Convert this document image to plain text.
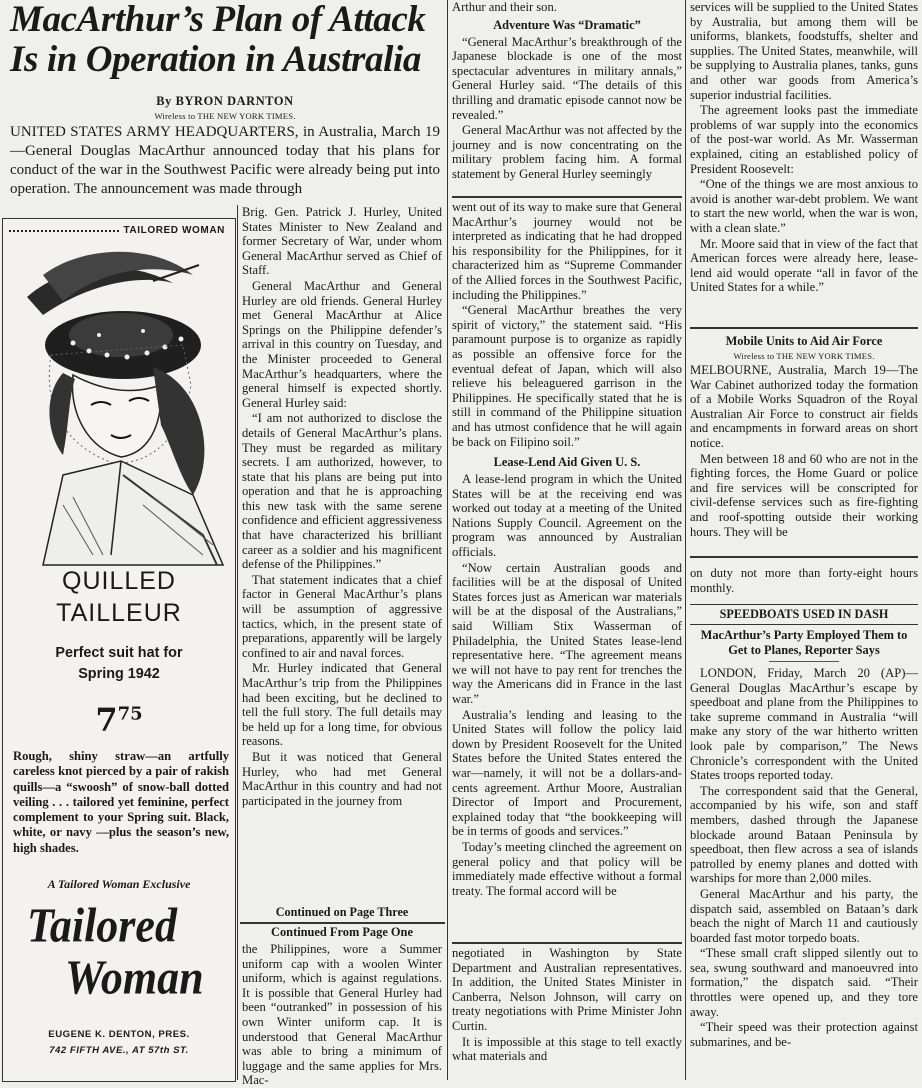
MacArthur’s Plan of Attack Is in Operation in Australia
By BYRON DARNTON
Wireless to THE NEW YORK TIMES.

UNITED STATES ARMY HEADQUARTERS, in Australia, March 19—General Douglas MacArthur announced today that his plans for conduct of the war in the Southwest Pacific were already being put into operation. The announcement was made through

TAILORED WOMAN
QUILLED
TAILLEUR
Perfect suit hat for
Spring 1942
$7^{75}$
Rough, shiny straw—an artfully careless knot pierced by a pair of rakish quills—a “swoosh” of snow-ball dotted veiling . . . tailored yet feminine, perfect complement to your Spring suit. Black, white, or navy —plus the season’s new, high shades.
A Tailored Woman Exclusive
Tailored
Woman
EUGENE K. DENTON, PRES.
742 FIFTH AVE., AT 57th ST.

Brig. Gen. Patrick J. Hurley, United States Minister to New Zealand and former Secretary of War, under whom General MacArthur served as Chief of Staff.

General MacArthur and General Hurley are old friends. General Hurley met General MacArthur at Alice Springs on the Philippine defender’s arrival in this country on Tuesday, and the Minister proceeded to General MacArthur’s headquarters, where the general himself is expected shortly. General Hurley said:

“I am not authorized to disclose the details of General MacArthur’s plans. They must be regarded as military secrets. I am authorized, however, to state that his plans are being put into operation and that he is approaching this new task with the same serene confidence and efficient aggressiveness that have characterized his brilliant career as a soldier and his magnificent defense of the Philippines.”

That statement indicates that a chief factor in General MacArthur’s plans will be assumption of aggressive tactics, which, in the present state of preparations, apparently will be largely confined to air and naval forces.

Mr. Hurley indicated that General MacArthur’s trip from the Philippines had been exciting, but he declined to tell the full story. The full details may be held up for a long time, for obvious reasons.

But it was noticed that General Hurley, who had met General MacArthur in this country and had not participated in the journey from

Continued on Page Three
Continued From Page One

the Philippines, wore a Summer uniform cap with a woolen Winter uniform, which is against regulations. It is possible that General Hurley had been “outranked” in possession of his own Winter uniform cap. It is understood that General MacArthur was able to bring a minimum of luggage and the same applies for Mrs. Mac-

Arthur and their son.

Adventure Was “Dramatic”

“General MacArthur’s breakthrough of the Japanese blockade is one of the most spectacular adventures in military annals,” General Hurley said. “The details of this thrilling and dramatic episode cannot now be revealed.”

General MacArthur was not affected by the journey and is now concentrating on the military problem facing him. A formal statement by General Hurley seemingly

went out of its way to make sure that General MacArthur’s journey would not be interpreted as indicating that he had dropped his responsibility for the Philippines, for it characterized him as “Supreme Commander of the Allied forces in the Southwest Pacific, including the Philippines.”

“General MacArthur breathes the very spirit of victory,” the statement said. “His paramount purpose is to organize as rapidly as possible an offensive force for the eventual defeat of Japan, which will also relieve his beleaguered garrison in the Philippines. He specifically stated that he is still in command of the Philippine situation and has utmost confidence that he will again be back on Filipino soil.”

Lease-Lend Aid Given U. S.

A lease-lend program in which the United States will be at the receiving end was worked out today at a meeting of the United Nations Supply Council. Agreement on the program was announced by Australian officials.

“Now certain Australian goods and facilities will be at the disposal of United States forces just as American war materials will be at the disposal of the Australians,” said William Stix Wasserman of Philadelphia, the United States lease-lend representative here. “The agreement means we will not have to pay rent for trenches the way the Americans did in France in the last war.”

Australia’s lending and leasing to the United States will follow the policy laid down by President Roosevelt for the United States before the United States entered the war—namely, it will not be a dollars-and-cents agreement. Arthur Moore, Australian Director of Import and Procurement, explained today that “the bookkeeping will be in terms of goods and services.”

Today’s meeting clinched the agreement on general policy and that policy will be immediately made effective without a formal treaty. The formal accord will be

negotiated in Washington by State Department and Australian representatives. In addition, the United States Minister in Canberra, Nelson Johnson, will carry on treaty negotiations with Prime Minister John Curtin.

It is impossible at this stage to tell exactly what materials and

services will be supplied to the United States by Australia, but among them will be uniforms, blankets, foodstuffs, shelter and supplies. The United States, meanwhile, will be supplying to Australia planes, tanks, guns and other war goods from America’s superior industrial facilities.

The agreement looks past the immediate problems of war supply into the economics of the post-war world. As Mr. Wasserman explained, citing an established policy of President Roosevelt:

“One of the things we are most anxious to avoid is another war-debt problem. We want to start the new world, when the war is won, with a clean slate.”

Mr. Moore said that in view of the fact that American forces were already here, lease-lend aid would operate “all in favor of the United States for a while.”

Mobile Units to Aid Air Force
Wireless to THE NEW YORK TIMES.

MELBOURNE, Australia, March 19—The War Cabinet authorized today the formation of a Mobile Works Squadron of the Royal Australian Air Force to construct air fields and encampments in forward areas on short notice.

Men between 18 and 60 who are not in the fighting forces, the Home Guard or police and fire services will be conscripted for civil-defense services such as fire-fighting and roof-spotting outside their working hours. They will be

on duty not more than forty-eight hours monthly.

SPEEDBOATS USED IN DASH
MacArthur’s Party Employed Them to Get to Planes, Reporter Says

LONDON, Friday, March 20 (AP)—General Douglas MacArthur’s escape by speedboat and plane from the Philippines to take supreme command in Australia “will make any story of the war hitherto written look pale by comparison,” The News Chronicle’s correspondent with the United States troops reported today.

The correspondent said that the General, accompanied by his wife, son and staff members, dashed through the Japanese blockade around Bataan Peninsula by speedboat, then flew across a sea of islands patrolled by enemy planes and dotted with warships for more than 2,000 miles.

General MacArthur and his party, the dispatch said, assembled on Bataan’s dark beach the night of March 11 and cautiously boarded fast motor torpedo boats.

“These small craft slipped silently out to sea, swung southward and manoeuvred into formation,” the dispatch said. “Their throttles were opened up, and they tore away.

“Their speed was their protection against submarines, and be-
